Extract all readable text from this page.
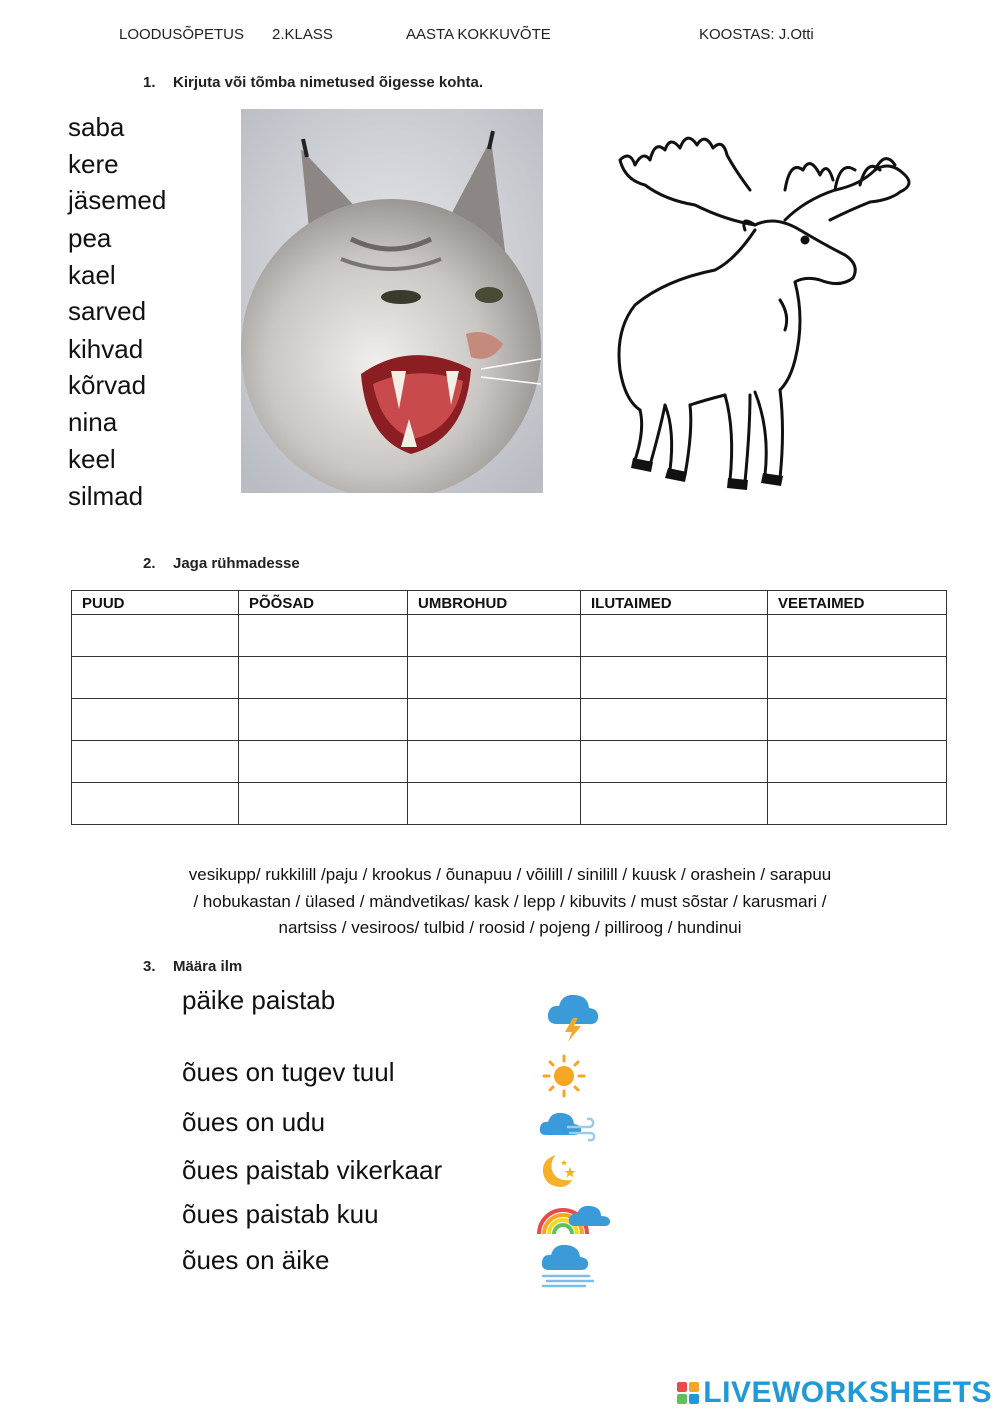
LOODUSÕPETUS 2.KLASS	AASTA KOKKUVÕTE	KOOSTAS: J.Otti
1. Kirjuta või tõmba nimetused õigesse kohta.
saba
kere
jäsemed
pea
kael
sarved
kihvad
kõrvad
nina
keel
silmad
2. Jaga rühmadesse
PUUD	PÕÕSAD	UMBROHUD	ILUTAIMED	VEETAIMED

vesikupp/ rukkilill /paju / krookus / õunapuu / võilill / sinilill / kuusk / orashein / sarapuu
/ hobukastan / ülased / mändvetikas/ kask / lepp / kibuvits / must sõstar / karusmari /
nartsiss / vesiroos/ tulbid / roosid / pojeng / pilliroog / hundinui
3. Määra ilm
päike paistab
õues on tugev tuul
õues on udu
õues paistab vikerkaar
õues paistab kuu
õues on äike
LIVEWORKSHEETS
